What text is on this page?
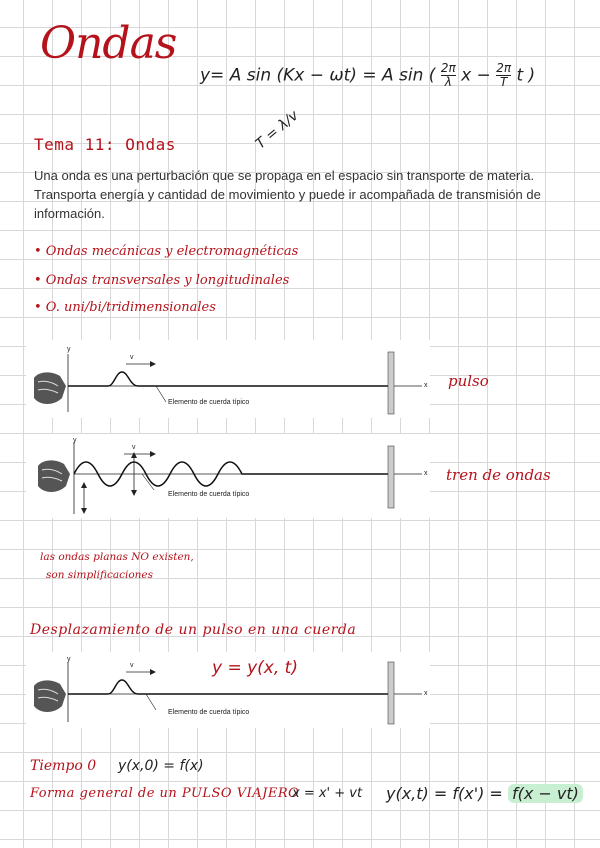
Ondas
y= A sin (Kx − ωt) = A sin ( $\frac{2\pi}{\lambda}$ $x - \frac{2\pi}{T}$ t )
T = λ/v
Tema 11: Ondas
Una onda es una perturbación que se propaga en el espacio sin transporte de materia. Transporta energía y cantidad de movimiento y puede ir acompañada de transmisión de información.
• Ondas mecánicas y electromagnéticas
• Ondas transversales y longitudinales
• O. uni/bi/tridimensionales
y
x
v
Elemento de cuerda típico
pulso
y
x
v
Elemento de cuerda típico
tren de ondas
las ondas planas NO existen,
son simplificaciones
Desplazamiento de un pulso en una cuerda
y
x
v
Elemento de cuerda típico
y = y(x, t)
Tiempo 0 y(x,0) = f(x)
Forma general de un PULSO VIAJERO
x = x' + vt y(x,t) = f(x') = f(x − vt)
